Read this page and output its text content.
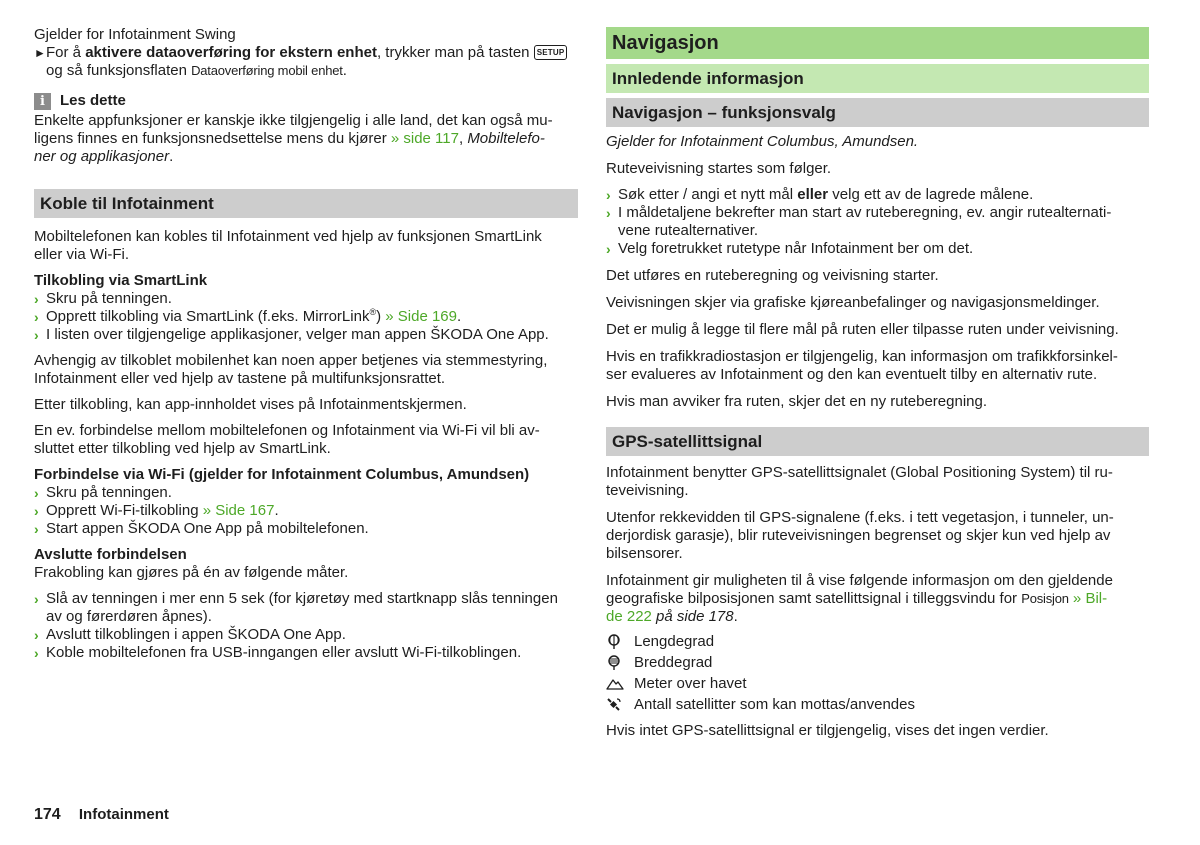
Gjelder for Infotainment Swing

► For å aktivere dataoverføring for ekstern enhet, trykker man på tasten SETUP
og så funksjonsflaten Dataoverføring mobil enhet.
i	Les dette

Enkelte appfunksjoner er kanskje ikke tilgjengelig i alle land, det kan også mu-

ligens finnes en funksjonsnedsettelse mens du kjører » side 117, Mobiltelefo-

ner og applikasjoner.

Koble til Infotainment

Mobiltelefonen kan kobles til Infotainment ved hjelp av funksjonen SmartLink

eller via Wi-Fi.

Tilkobling via SmartLink

› Skru på tenningen.
› Opprett tilkobling via SmartLink (f.eks. MirrorLink®) » Side 169.
› I listen over tilgjengelige applikasjoner, velger man appen ŠKODA One App.

Avhengig av tilkoblet mobilenhet kan noen apper betjenes via stemmestyring,

Infotainment eller ved hjelp av tastene på multifunksjonsrattet.

Etter tilkobling, kan app-innholdet vises på Infotainmentskjermen.

En ev. forbindelse mellom mobiltelefonen og Infotainment via Wi-Fi vil bli av-

sluttet etter tilkobling ved hjelp av SmartLink.

Forbindelse via Wi-Fi (gjelder for Infotainment Columbus, Amundsen)

› Skru på tenningen.
› Opprett Wi-Fi-tilkobling » Side 167.
› Start appen ŠKODA One App på mobiltelefonen.

Avslutte forbindelsen

Frakobling kan gjøres på én av følgende måter.

› Slå av tenningen i mer enn 5 sek (for kjøretøy med startknapp slås tenningen
av og førerdøren åpnes).
› Avslutt tilkoblingen i appen ŠKODA One App.
› Koble mobiltelefonen fra USB-inngangen eller avslutt Wi-Fi-tilkoblingen.
Navigasjon
Innledende informasjon
Navigasjon – funksjonsvalg

Gjelder for Infotainment Columbus, Amundsen.

Ruteveivisning startes som følger.

› Søk etter / angi et nytt mål eller velg ett av de lagrede målene.
› I måldetaljene bekrefter man start av ruteberegning, ev. angir rutealternati-
vene rutealternativer.
› Velg foretrukket rutetype når Infotainment ber om det.

Det utføres en ruteberegning og veivisning starter.

Veivisningen skjer via grafiske kjøreanbefalinger og navigasjonsmeldinger.

Det er mulig å legge til flere mål på ruten eller tilpasse ruten under veivisning.

Hvis en trafikkradiostasjon er tilgjengelig, kan informasjon om trafikkforsinkel-

ser evalueres av Infotainment og den kan eventuelt tilby en alternativ rute.

Hvis man avviker fra ruten, skjer det en ny ruteberegning.

GPS-satellittsignal

Infotainment benytter GPS-satellittsignalet (Global Positioning System) til ru-

teveivisning.

Utenfor rekkevidden til GPS-signalene (f.eks. i tett vegetasjon, i tunneler, un-

derjordisk garasje), blir ruteveivisningen begrenset og skjer kun ved hjelp av

bilsensorer.

Infotainment gir muligheten til å vise følgende informasjon om den gjeldende

geografiske bilposisjonen samt satellittsignal i tilleggsvindu for Posisjon » Bil-

de 222 på side 178.

Lengdegrad
Breddegrad
Meter over havet
Antall satellitter som kan mottas/anvendes

Hvis intet GPS-satellittsignal er tilgjengelig, vises det ingen verdier.

174 Infotainment
